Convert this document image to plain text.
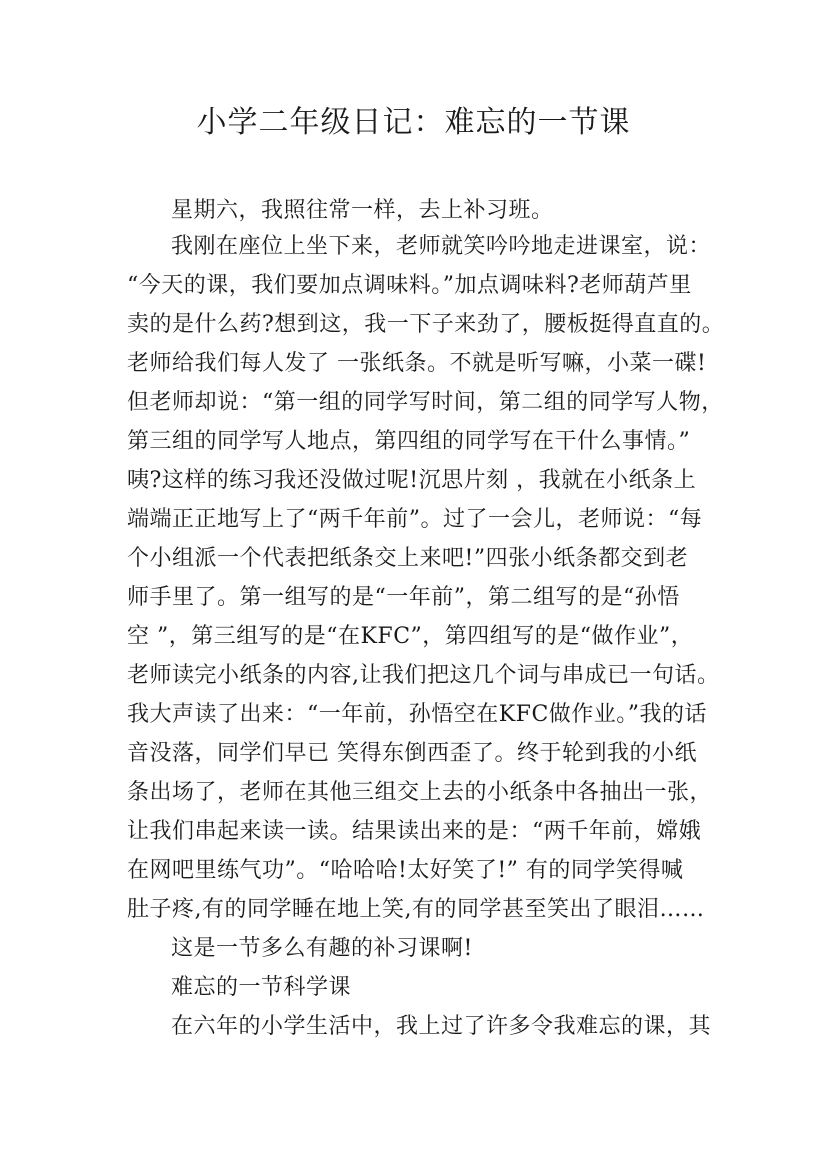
小学二年级日记：难忘的一节课
星期六，我照往常一样，去上补习班。
我刚在座位上坐下来，老师就笑吟吟地走进课室，说：
“今天的课，我们要加点调味料。”加点调味料?老师葫芦里
卖的是什么药?想到这，我一下子来劲了，腰板挺得直直的。
老师给我们每人发了 一张纸条。不就是听写嘛，小菜一碟!
但老师却说：“第一组的同学写时间，第二组的同学写人物，
第三组的同学写人地点，第四组的同学写在干什么事情。”
咦?这样的练习我还没做过呢!沉思片刻 ，我就在小纸条上
端端正正地写上了“两千年前”。过了一会儿，老师说：“每
个小组派一个代表把纸条交上来吧!”四张小纸条都交到老
师手里了。第一组写的是“一年前”，第二组写的是“孙悟
空 ”，第三组写的是“在KFC”，第四组写的是“做作业”，
老师读完小纸条的内容,让我们把这几个词与串成已一句话。
我大声读了出来：“一年前，孙悟空在KFC做作业。”我的话
音没落，同学们早已 笑得东倒西歪了。终于轮到我的小纸
条出场了，老师在其他三组交上去的小纸条中各抽出一张，
让我们串起来读一读。结果读出来的是：“两千年前，嫦娥
在网吧里练气功”。“哈哈哈!太好笑了!” 有的同学笑得喊
肚子疼,有的同学睡在地上笑,有的同学甚至笑出了眼泪……
这是一节多么有趣的补习课啊!
难忘的一节科学课
在六年的小学生活中，我上过了许多令我难忘的课，其
